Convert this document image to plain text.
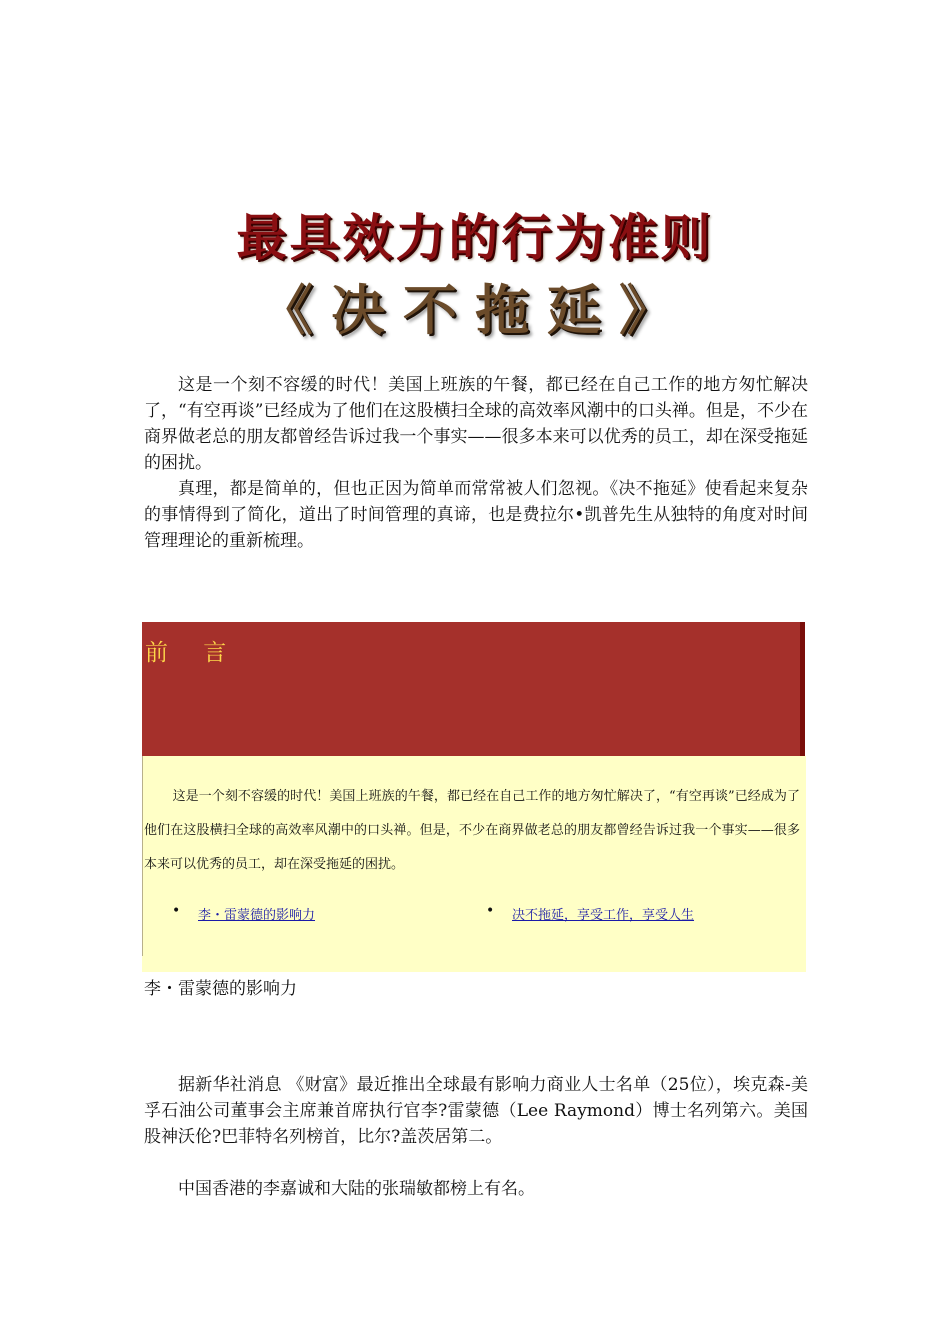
最具效力的行为准则
《决不拖延》

这是一个刻不容缓的时代！美国上班族的午餐，都已经在自己工作的地方匆忙解决了，“有空再谈”已经成为了他们在这股横扫全球的高效率风潮中的口头禅。但是，不少在商界做老总的朋友都曾经告诉过我一个事实——很多本来可以优秀的员工，却在深受拖延的困扰。

真理，都是简单的，但也正因为简单而常常被人们忽视。《决不拖延》使看起来复杂的事情得到了简化，道出了时间管理的真谛，也是费拉尔•凯普先生从独特的角度对时间管理理论的重新梳理。

前 言

这是一个刻不容缓的时代！美国上班族的午餐，都已经在自己工作的地方匆忙解决了，“有空再谈”已经成为了他们在这股横扫全球的高效率风潮中的口头禅。但是，不少在商界做老总的朋友都曾经告诉过我一个事实——很多本来可以优秀的员工，却在深受拖延的困扰。

• 李・雷蒙德的影响力	• 决不拖延，享受工作，享受人生
李・雷蒙德的影响力

据新华社消息 《财富》最近推出全球最有影响力商业人士名单（25位），埃克森-美孚石油公司董事会主席兼首席执行官李?雷蒙德（Lee Raymond）博士名列第六。美国股神沃伦?巴菲特名列榜首，比尔?盖茨居第二。

中国香港的李嘉诚和大陆的张瑞敏都榜上有名。
